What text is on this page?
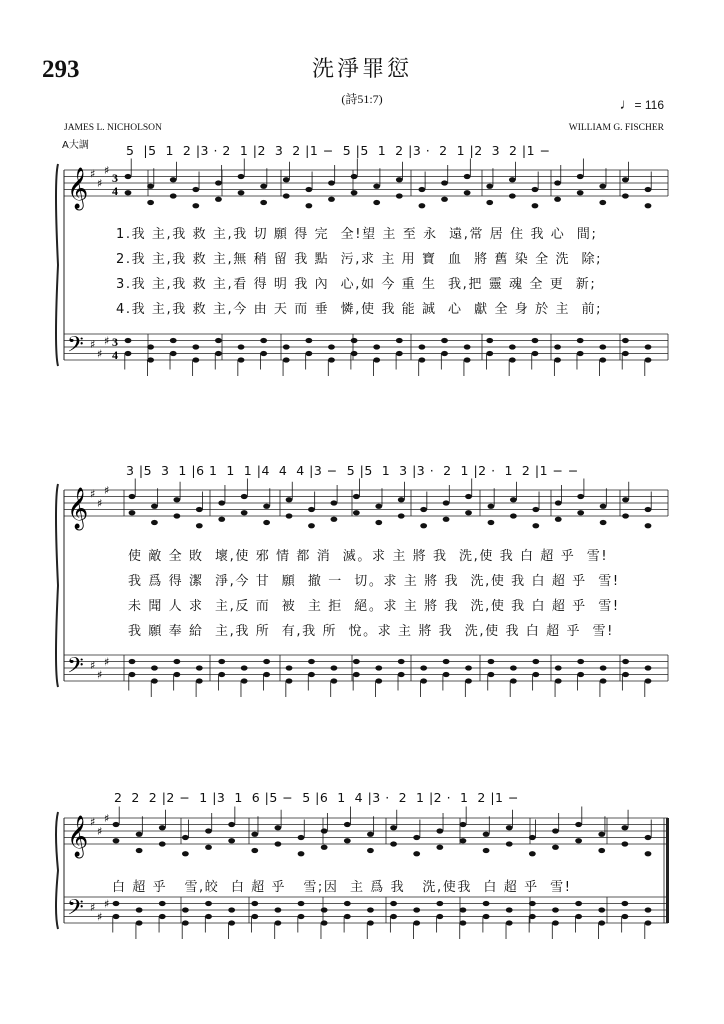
293	洗淨罪愆
(詩51:7)	♩= 116
JAMES L. NICHOLSON	WILLIAM G. FISCHER
A大調	5  |5  1  2 |3 · 2  1 |2  3  2 |1 −  5 |5  1  2 |3 ·  2  1 |2  3  2 |1 −
1.我 主,我 救 主,我 切 願 得 完  全!望 主 至 永  遠,常 居 住 我 心  間;
2.我 主,我 救 主,無 稍 留 我 點  污,求 主 用 寶  血  將 舊 染 全 洗  除;
3.我 主,我 救 主,看 得 明 我 內  心,如 今 重 生  我,把 靈 魂 全 更  新;
4.我 主,我 救 主,今 由 天 而 垂  憐,使 我 能 誠  心  獻 全 身 於 主  前;
3 |5  3  1 |6 1  1  1 |4  4  4 |3 −  5 |5  1  3 |3 ·  2  1 |2 ·  1  2 |1 − −
使 敵 全 敗  壞,使 邪 情 都 消  滅。求 主 將 我  洗,使 我 白 超 乎  雪!
我 爲 得 潔  淨,今 甘  願  撤 一  切。求 主 將 我  洗,使 我 白 超 乎  雪!
未 聞 人 求  主,反 而  被  主 拒  絕。求 主 將 我  洗,使 我 白 超 乎  雪!
我 願 奉 給  主,我 所  有,我 所  悅。求 主 將 我  洗,使 我 白 超 乎  雪!
2  2  2 |2 −  1 |3  1  6 |5 −  5 |6  1  4 |3 ·  2  1 |2 ·  1  2 |1 −
白 超 乎   雪,皎  白 超 乎   雪;因  主 爲 我   洗,使我  白 超 乎  雪!
𝄞
𝄢
♯
♯
♯
♯
♯
♯
3
3
4
4
𝄞
𝄢
♯
♯
♯
♯
♯
♯
𝄞
𝄢
♯
♯
♯
♯
♯
♯
